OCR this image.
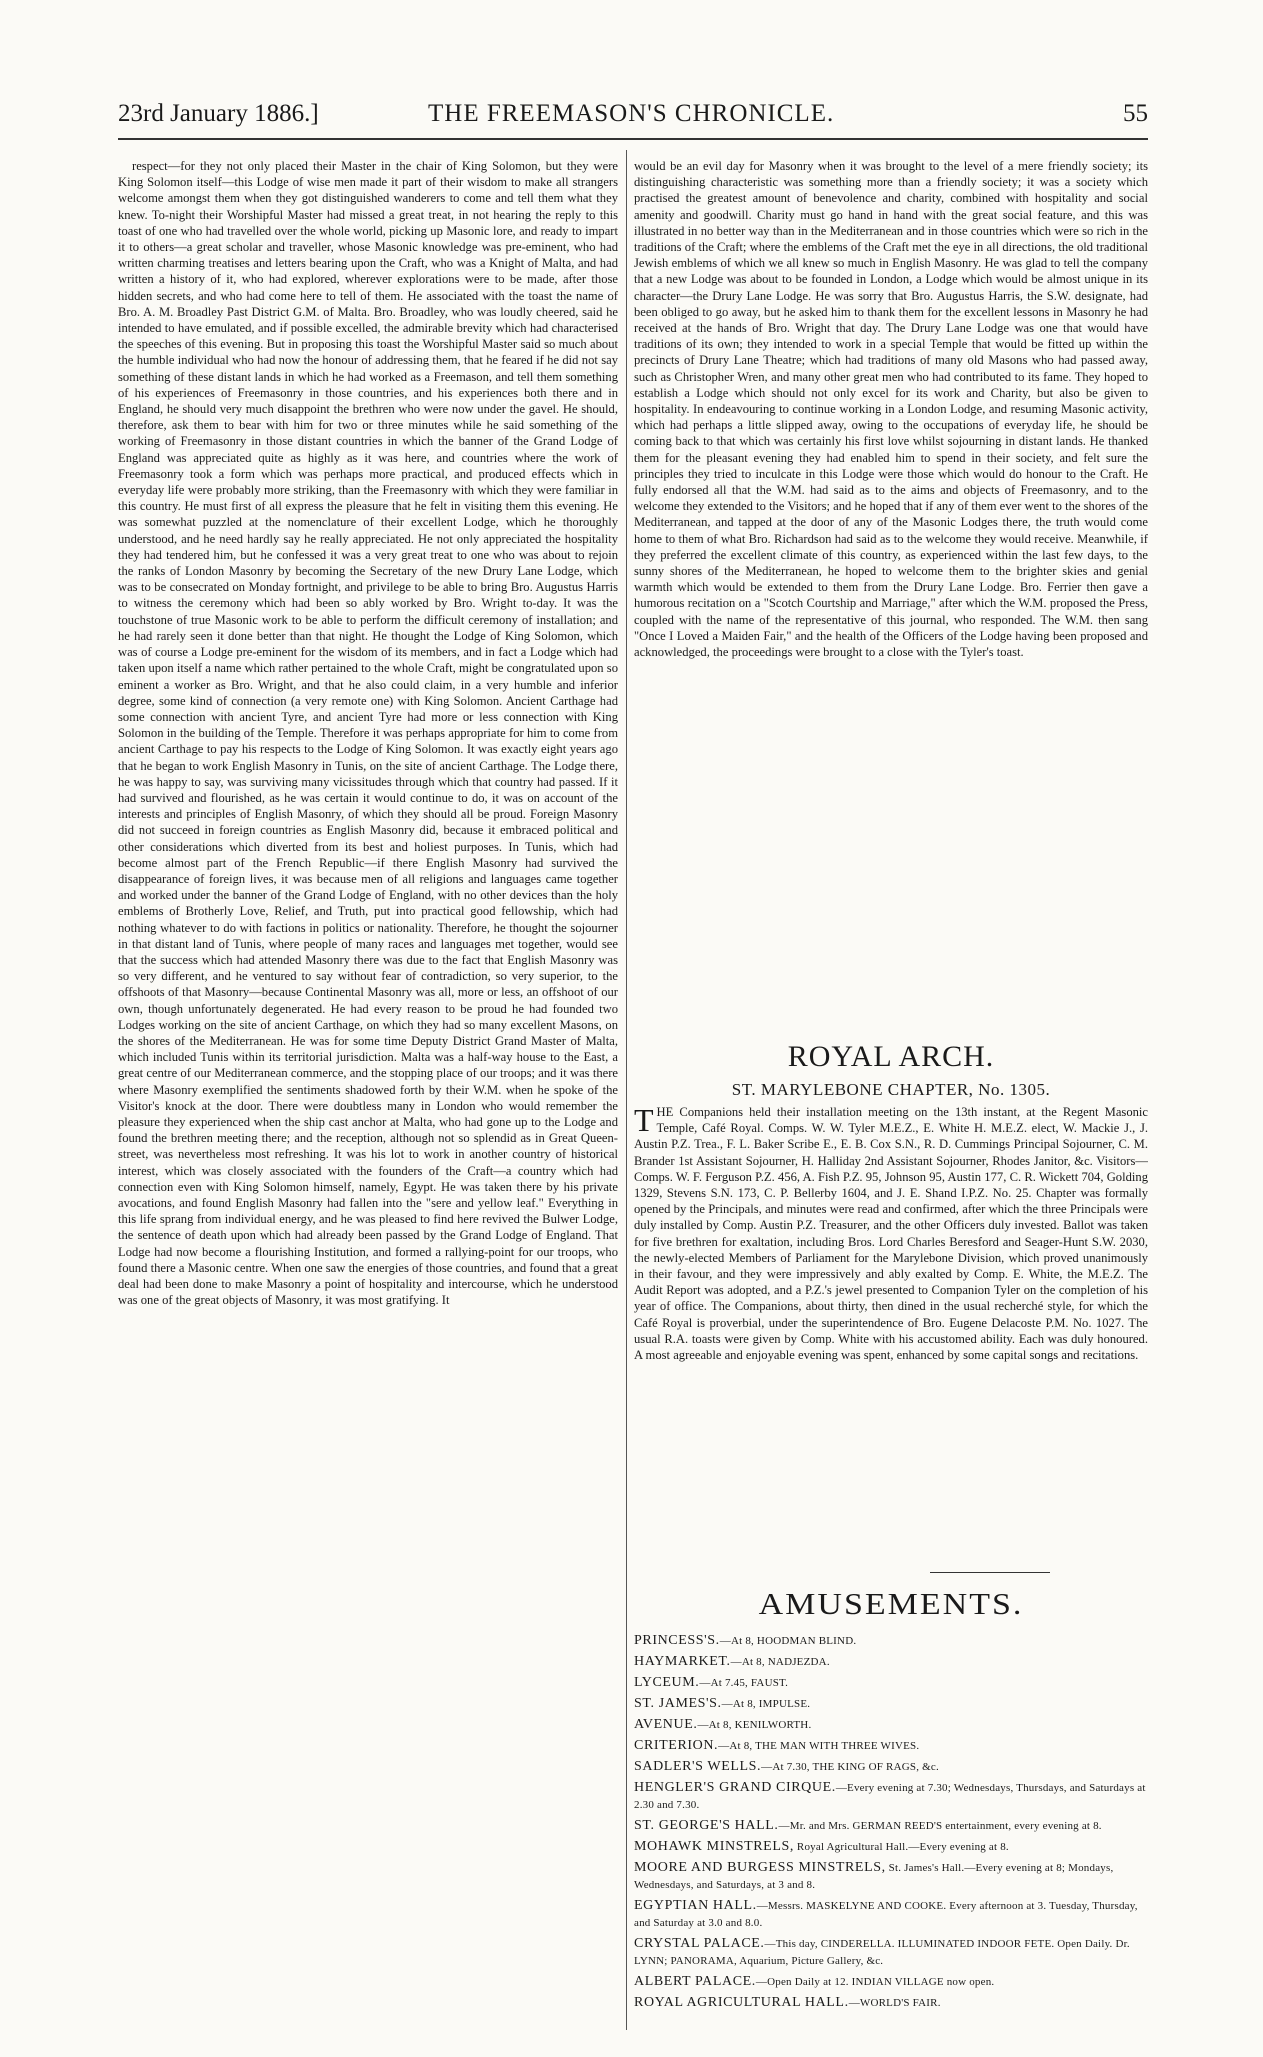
23rd January 1886.]	THE FREEMASON'S CHRONICLE.	55

respect—for they not only placed their Master in the chair of King Solomon, but they were King Solomon itself—this Lodge of wise men made it part of their wisdom to make all strangers welcome amongst them when they got distinguished wanderers to come and tell them what they knew. To-night their Worshipful Master had missed a great treat, in not hearing the reply to this toast of one who had travelled over the whole world, picking up Masonic lore, and ready to impart it to others—a great scholar and traveller, whose Masonic knowledge was pre-eminent, who had written charming treatises and letters bearing upon the Craft, who was a Knight of Malta, and had written a history of it, who had explored, wherever explorations were to be made, after those hidden secrets, and who had come here to tell of them. He associated with the toast the name of Bro. A. M. Broadley Past District G.M. of Malta. Bro. Broadley, who was loudly cheered, said he intended to have emulated, and if possible excelled, the admirable brevity which had characterised the speeches of this evening. But in proposing this toast the Worshipful Master said so much about the humble individual who had now the honour of addressing them, that he feared if he did not say something of these distant lands in which he had worked as a Freemason, and tell them something of his experiences of Freemasonry in those countries, and his experiences both there and in England, he should very much disappoint the brethren who were now under the gavel. He should, therefore, ask them to bear with him for two or three minutes while he said something of the working of Freemasonry in those distant countries in which the banner of the Grand Lodge of England was appreciated quite as highly as it was here, and countries where the work of Freemasonry took a form which was perhaps more practical, and produced effects which in everyday life were probably more striking, than the Freemasonry with which they were familiar in this country. He must first of all express the pleasure that he felt in visiting them this evening. He was somewhat puzzled at the nomenclature of their excellent Lodge, which he thoroughly understood, and he need hardly say he really appreciated. He not only appreciated the hospitality they had tendered him, but he confessed it was a very great treat to one who was about to rejoin the ranks of London Masonry by becoming the Secretary of the new Drury Lane Lodge, which was to be consecrated on Monday fortnight, and privilege to be able to bring Bro. Augustus Harris to witness the ceremony which had been so ably worked by Bro. Wright to-day. It was the touchstone of true Masonic work to be able to perform the difficult ceremony of installation; and he had rarely seen it done better than that night. He thought the Lodge of King Solomon, which was of course a Lodge pre-eminent for the wisdom of its members, and in fact a Lodge which had taken upon itself a name which rather pertained to the whole Craft, might be congratulated upon so eminent a worker as Bro. Wright, and that he also could claim, in a very humble and inferior degree, some kind of connection (a very remote one) with King Solomon. Ancient Carthage had some connection with ancient Tyre, and ancient Tyre had more or less connection with King Solomon in the building of the Temple. Therefore it was perhaps appropriate for him to come from ancient Carthage to pay his respects to the Lodge of King Solomon. It was exactly eight years ago that he began to work English Masonry in Tunis, on the site of ancient Carthage. The Lodge there, he was happy to say, was surviving many vicissitudes through which that country had passed. If it had survived and flourished, as he was certain it would continue to do, it was on account of the interests and principles of English Masonry, of which they should all be proud. Foreign Masonry did not succeed in foreign countries as English Masonry did, because it embraced political and other considerations which diverted from its best and holiest purposes. In Tunis, which had become almost part of the French Republic—if there English Masonry had survived the disappearance of foreign lives, it was because men of all religions and languages came together and worked under the banner of the Grand Lodge of England, with no other devices than the holy emblems of Brotherly Love, Relief, and Truth, put into practical good fellowship, which had nothing whatever to do with factions in politics or nationality. Therefore, he thought the sojourner in that distant land of Tunis, where people of many races and languages met together, would see that the success which had attended Masonry there was due to the fact that English Masonry was so very different, and he ventured to say without fear of contradiction, so very superior, to the offshoots of that Masonry—because Continental Masonry was all, more or less, an offshoot of our own, though unfortunately degenerated. He had every reason to be proud he had founded two Lodges working on the site of ancient Carthage, on which they had so many excellent Masons, on the shores of the Mediterranean. He was for some time Deputy District Grand Master of Malta, which included Tunis within its territorial jurisdiction. Malta was a half-way house to the East, a great centre of our Mediterranean commerce, and the stopping place of our troops; and it was there where Masonry exemplified the sentiments shadowed forth by their W.M. when he spoke of the Visitor's knock at the door. There were doubtless many in London who would remember the pleasure they experienced when the ship cast anchor at Malta, who had gone up to the Lodge and found the brethren meeting there; and the reception, although not so splendid as in Great Queen-street, was nevertheless most refreshing. It was his lot to work in another country of historical interest, which was closely associated with the founders of the Craft—a country which had connection even with King Solomon himself, namely, Egypt. He was taken there by his private avocations, and found English Masonry had fallen into the "sere and yellow leaf." Everything in this life sprang from individual energy, and he was pleased to find here revived the Bulwer Lodge, the sentence of death upon which had already been passed by the Grand Lodge of England. That Lodge had now become a flourishing Institution, and formed a rallying-point for our troops, who found there a Masonic centre. When one saw the energies of those countries, and found that a great deal had been done to make Masonry a point of hospitality and intercourse, which he understood was one of the great objects of Masonry, it was most gratifying. It

would be an evil day for Masonry when it was brought to the level of a mere friendly society; its distinguishing characteristic was something more than a friendly society; it was a society which practised the greatest amount of benevolence and charity, combined with hospitality and social amenity and goodwill. Charity must go hand in hand with the great social feature, and this was illustrated in no better way than in the Mediterranean and in those countries which were so rich in the traditions of the Craft; where the emblems of the Craft met the eye in all directions, the old traditional Jewish emblems of which we all knew so much in English Masonry. He was glad to tell the company that a new Lodge was about to be founded in London, a Lodge which would be almost unique in its character—the Drury Lane Lodge. He was sorry that Bro. Augustus Harris, the S.W. designate, had been obliged to go away, but he asked him to thank them for the excellent lessons in Masonry he had received at the hands of Bro. Wright that day. The Drury Lane Lodge was one that would have traditions of its own; they intended to work in a special Temple that would be fitted up within the precincts of Drury Lane Theatre; which had traditions of many old Masons who had passed away, such as Christopher Wren, and many other great men who had contributed to its fame. They hoped to establish a Lodge which should not only excel for its work and Charity, but also be given to hospitality. In endeavouring to continue working in a London Lodge, and resuming Masonic activity, which had perhaps a little slipped away, owing to the occupations of everyday life, he should be coming back to that which was certainly his first love whilst sojourning in distant lands. He thanked them for the pleasant evening they had enabled him to spend in their society, and felt sure the principles they tried to inculcate in this Lodge were those which would do honour to the Craft. He fully endorsed all that the W.M. had said as to the aims and objects of Freemasonry, and to the welcome they extended to the Visitors; and he hoped that if any of them ever went to the shores of the Mediterranean, and tapped at the door of any of the Masonic Lodges there, the truth would come home to them of what Bro. Richardson had said as to the welcome they would receive. Meanwhile, if they preferred the excellent climate of this country, as experienced within the last few days, to the sunny shores of the Mediterranean, he hoped to welcome them to the brighter skies and genial warmth which would be extended to them from the Drury Lane Lodge. Bro. Ferrier then gave a humorous recitation on a "Scotch Courtship and Marriage," after which the W.M. proposed the Press, coupled with the name of the representative of this journal, who responded. The W.M. then sang "Once I Loved a Maiden Fair," and the health of the Officers of the Lodge having been proposed and acknowledged, the proceedings were brought to a close with the Tyler's toast.

ROYAL ARCH.
ST. MARYLEBONE CHAPTER, No. 1305.

THE Companions held their installation meeting on the 13th instant, at the Regent Masonic Temple, Café Royal. Comps. W. W. Tyler M.E.Z., E. White H. M.E.Z. elect, W. Mackie J., J. Austin P.Z. Trea., F. L. Baker Scribe E., E. B. Cox S.N., R. D. Cummings Principal Sojourner, C. M. Brander 1st Assistant Sojourner, H. Halliday 2nd Assistant Sojourner, Rhodes Janitor, &c. Visitors—Comps. W. F. Ferguson P.Z. 456, A. Fish P.Z. 95, Johnson 95, Austin 177, C. R. Wickett 704, Golding 1329, Stevens S.N. 173, C. P. Bellerby 1604, and J. E. Shand I.P.Z. No. 25. Chapter was formally opened by the Principals, and minutes were read and confirmed, after which the three Principals were duly installed by Comp. Austin P.Z. Treasurer, and the other Officers duly invested. Ballot was taken for five brethren for exaltation, including Bros. Lord Charles Beresford and Seager-Hunt S.W. 2030, the newly-elected Members of Parliament for the Marylebone Division, which proved unanimously in their favour, and they were impressively and ably exalted by Comp. E. White, the M.E.Z. The Audit Report was adopted, and a P.Z.'s jewel presented to Companion Tyler on the completion of his year of office. The Companions, about thirty, then dined in the usual recherché style, for which the Café Royal is proverbial, under the superintendence of Bro. Eugene Delacoste P.M. No. 1027. The usual R.A. toasts were given by Comp. White with his accustomed ability. Each was duly honoured. A most agreeable and enjoyable evening was spent, enhanced by some capital songs and recitations.

AMUSEMENTS.
PRINCESS'S.—At 8, HOODMAN BLIND.
HAYMARKET.—At 8, NADJEZDA.
LYCEUM.—At 7.45, FAUST.
ST. JAMES'S.—At 8, IMPULSE.
AVENUE.—At 8, KENILWORTH.
CRITERION.—At 8, THE MAN WITH THREE WIVES.
SADLER'S WELLS.—At 7.30, THE KING OF RAGS, &c.
HENGLER'S GRAND CIRQUE.—Every evening at 7.30; Wednesdays, Thursdays, and Saturdays at 2.30 and 7.30.
ST. GEORGE'S HALL.—Mr. and Mrs. GERMAN REED'S entertainment, every evening at 8.
MOHAWK MINSTRELS, Royal Agricultural Hall.—Every evening at 8.
MOORE AND BURGESS MINSTRELS, St. James's Hall.—Every evening at 8; Mondays, Wednesdays, and Saturdays, at 3 and 8.
EGYPTIAN HALL.—Messrs. MASKELYNE AND COOKE. Every afternoon at 3. Tuesday, Thursday, and Saturday at 3.0 and 8.0.
CRYSTAL PALACE.—This day, CINDERELLA. ILLUMINATED INDOOR FETE. Open Daily. Dr. LYNN; PANORAMA, Aquarium, Picture Gallery, &c.
ALBERT PALACE.—Open Daily at 12. INDIAN VILLAGE now open.
ROYAL AGRICULTURAL HALL.—WORLD'S FAIR.
